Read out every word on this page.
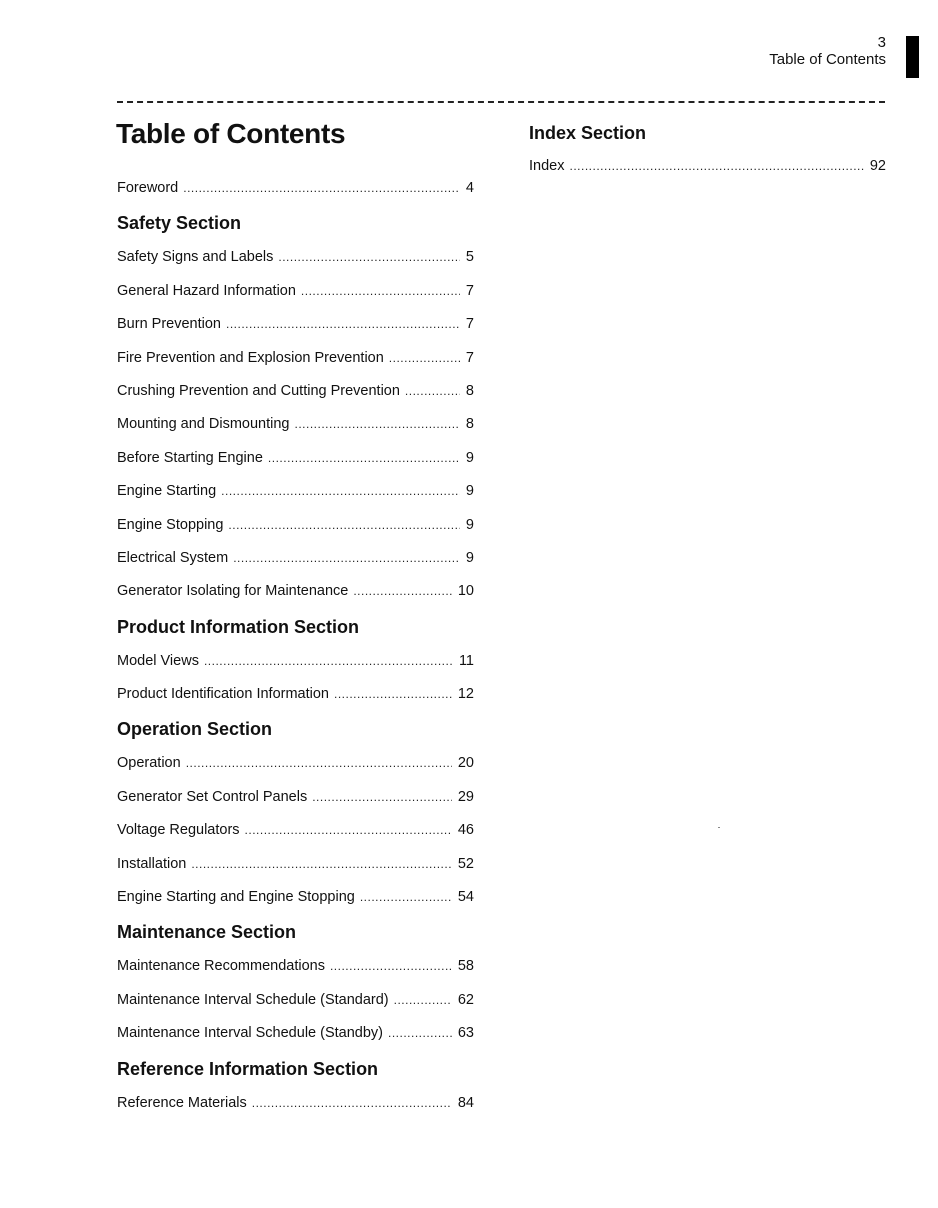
3
Table of Contents
Table of Contents
Foreword .....	4
Safety Section
Safety Signs and Labels .....	5
General Hazard Information .....	7
Burn Prevention .....	7
Fire Prevention and Explosion Prevention .....	7
Crushing Prevention and Cutting Prevention .....	8
Mounting and Dismounting .....	8
Before Starting Engine .....	9
Engine Starting .....	9
Engine Stopping .....	9
Electrical System .....	9
Generator Isolating for Maintenance .....	10
Product Information Section
Model Views .....	11
Product Identification Information .....	12
Operation Section
Operation .....	20
Generator Set Control Panels .....	29
Voltage Regulators .....	46
Installation .....	52
Engine Starting and Engine Stopping .....	54
Maintenance Section
Maintenance Recommendations .....	58
Maintenance Interval Schedule (Standard) .....	62
Maintenance Interval Schedule (Standby) .....	63
Reference Information Section
Reference Materials .....	84
Index Section
Index .....	92
